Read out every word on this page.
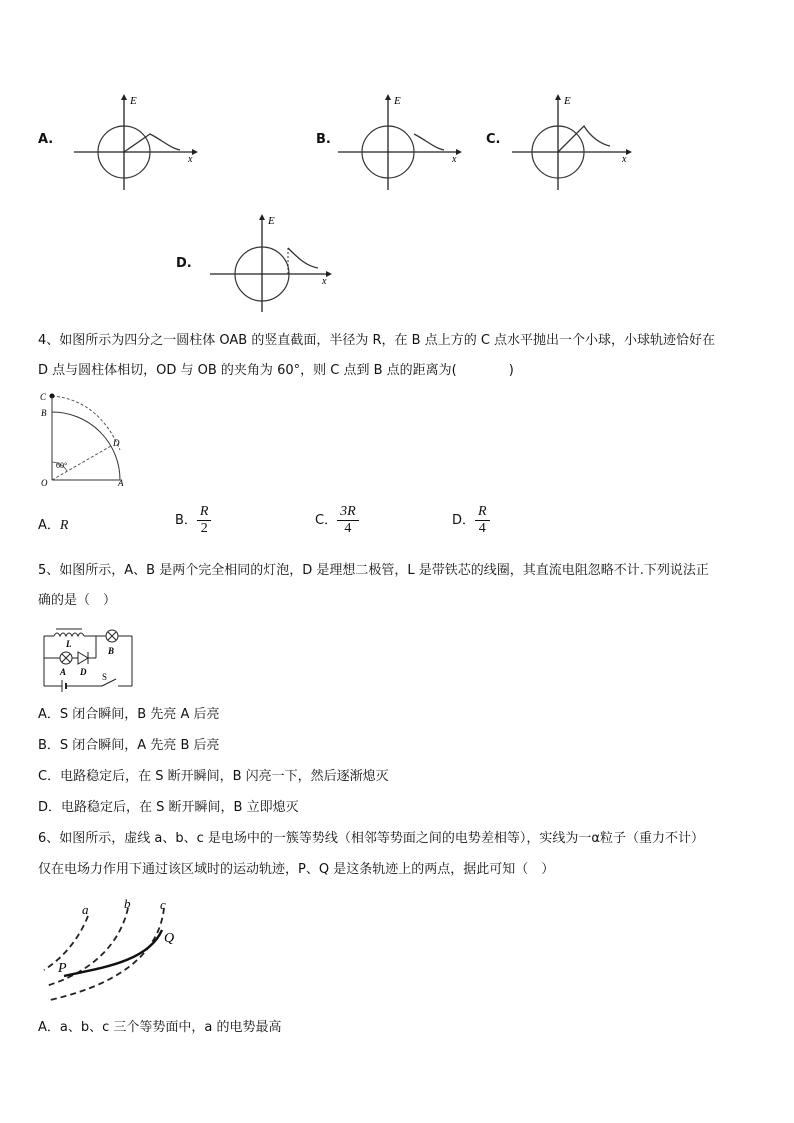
A.
E
x
B.
E
x
C.
E
x
D.
E
x
4、如图所示为四分之一圆柱体 OAB 的竖直截面，半径为 R，在 B 点上方的 C 点水平抛出一个小球，小球轨迹恰好在
D 点与圆柱体相切，OD 与 OB 的夹角为 60°，则 C 点到 B 点的距离为(　　　　)
C
B
D
O	A
60°
A．R	B． $\frac{R}{2}$	C． $\frac{3R}{4}$	D． $\frac{R}{4}$
5、如图所示，A、B 是两个完全相同的灯泡，D 是理想二极管，L 是带铁芯的线圈，其直流电阻忽略不计.下列说法正
确的是（　）
L
B
A D S
A．S 闭合瞬间，B 先亮 A 后亮
B．S 闭合瞬间，A 先亮 B 后亮
C．电路稳定后，在 S 断开瞬间，B 闪亮一下，然后逐渐熄灭
D．电路稳定后，在 S 断开瞬间，B 立即熄灭
6、如图所示，虚线 a、b、c 是电场中的一簇等势线（相邻等势面之间的电势差相等），实线为一α粒子（重力不计）
仅在电场力作用下通过该区域时的运动轨迹，P、Q 是这条轨迹上的两点，据此可知（　）
a	b c
P
Q
A．a、b、c 三个等势面中，a 的电势最高
